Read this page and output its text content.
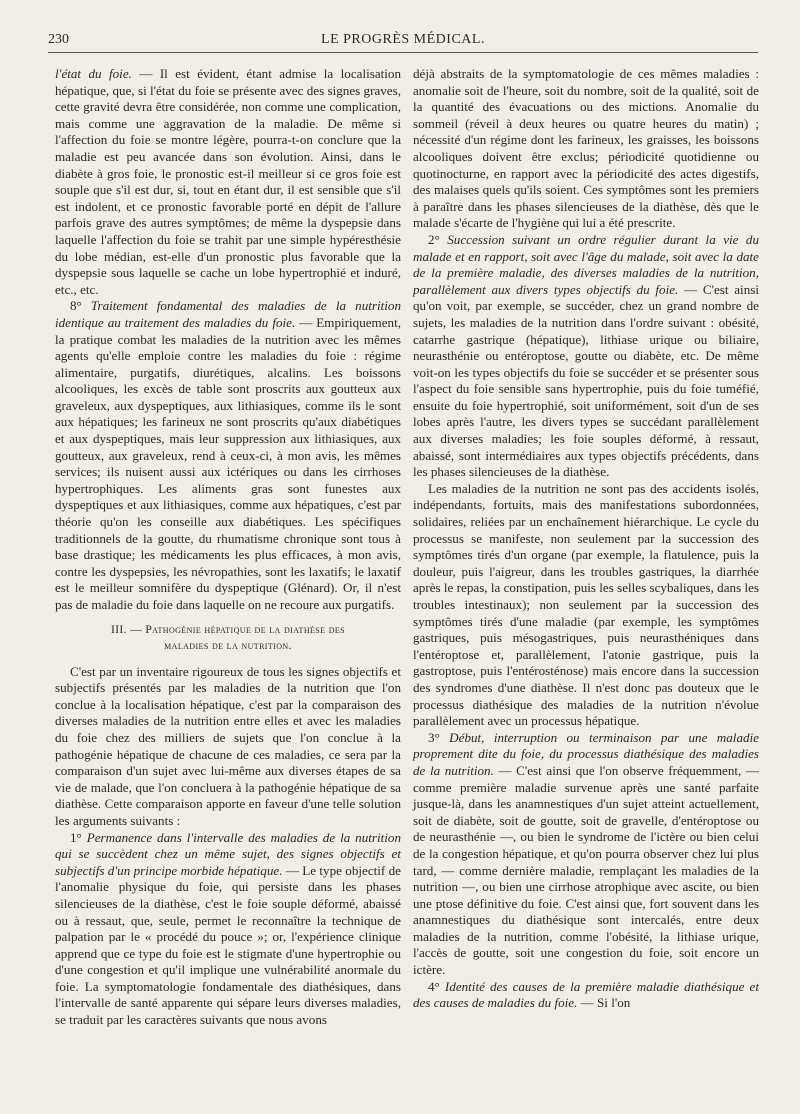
230	LE PROGRÈS MÉDICAL.

l'état du foie. — Il est évident, étant admise la localisation hépatique, que, si l'état du foie se présente avec des signes graves, cette gravité devra être considérée, non comme une complication, mais comme une aggravation de la maladie. De même si l'affection du foie se montre légère, pourra-t-on conclure que la maladie est peu avancée dans son évolution. Ainsi, dans le diabète à gros foie, le pronostic est-il meilleur si ce gros foie est souple que s'il est dur, si, tout en étant dur, il est sensible que s'il est indolent, et ce pronostic favorable porté en dépit de l'allure parfois grave des autres symptômes; de même la dyspepsie dans laquelle l'affection du foie se trahit par une simple hypéresthésie du lobe médian, est-elle d'un pronostic plus favorable que la dyspepsie sous laquelle se cache un lobe hypertrophié et induré, etc., etc.

8° Traitement fondamental des maladies de la nutrition identique au traitement des maladies du foie. — Empiriquement, la pratique combat les maladies de la nutrition avec les mêmes agents qu'elle emploie contre les maladies du foie : régime alimentaire, purgatifs, diurétiques, alcalins. Les boissons alcooliques, les excès de table sont proscrits aux goutteux aux graveleux, aux dyspeptiques, aux lithiasiques, comme ils le sont aux hépatiques; les farineux ne sont proscrits qu'aux diabétiques et aux dyspeptiques, mais leur suppression aux lithiasiques, aux goutteux, aux graveleux, rend à ceux-ci, à mon avis, les mêmes services; ils nuisent aussi aux ictériques ou dans les cirrhoses hypertrophiques. Les aliments gras sont funestes aux dyspeptiques et aux lithiasiques, comme aux hépatiques, c'est par théorie qu'on les conseille aux diabétiques. Les spécifiques traditionnels de la goutte, du rhumatisme chronique sont tous à base drastique; les médicaments les plus efficaces, à mon avis, contre les dyspepsies, les névropathies, sont les laxatifs; le laxatif est le meilleur somnifère du dyspeptique (Glénard). Or, il n'est pas de maladie du foie dans laquelle on ne recoure aux purgatifs.

III. — Pathogénie hépatique de la diathèse des
maladies de la nutrition.

C'est par un inventaire rigoureux de tous les signes objectifs et subjectifs présentés par les maladies de la nutrition que l'on conclue à la localisation hépatique, c'est par la comparaison des diverses maladies de la nutrition entre elles et avec les maladies du foie chez des milliers de sujets que l'on conclue à la pathogénie hépatique de chacune de ces maladies, ce sera par la comparaison d'un sujet avec lui-même aux diverses étapes de sa vie de malade, que l'on concluera à la pathogénie hépatique de sa diathèse. Cette comparaison apporte en faveur d'une telle solution les arguments suivants :

1° Permanence dans l'intervalle des maladies de la nutrition qui se succèdent chez un même sujet, des signes objectifs et subjectifs d'un principe morbide hépatique. — Le type objectif de l'anomalie physique du foie, qui persiste dans les phases silencieuses de la diathèse, c'est le foie souple déformé, abaissé ou à ressaut, que, seule, permet le reconnaître la technique de palpation par le « procédé du pouce »; or, l'expérience clinique apprend que ce type du foie est le stigmate d'une hypertrophie ou d'une congestion et qu'il implique une vulnérabilité anormale du foie. La symptomatologie fondamentale des diathésiques, dans l'intervalle de santé apparente qui sépare leurs diverses maladies, se traduit par les caractères suivants que nous avons

déjà abstraits de la symptomatologie de ces mêmes maladies : anomalie soit de l'heure, soit du nombre, soit de la qualité, soit de la quantité des évacuations ou des mictions. Anomalie du sommeil (réveil à deux heures ou quatre heures du matin) ; nécessité d'un régime dont les farineux, les graisses, les boissons alcooliques doivent être exclus; périodicité quotidienne ou quotinocturne, en rapport avec la périodicité des actes digestifs, des malaises quels qu'ils soient. Ces symptômes sont les premiers à paraître dans les phases silencieuses de la diathèse, dès que le malade s'écarte de l'hygiène qui lui a été prescrite.

2° Succession suivant un ordre régulier durant la vie du malade et en rapport, soit avec l'âge du malade, soit avec la date de la première maladie, des diverses maladies de la nutrition, parallèlement aux divers types objectifs du foie. — C'est ainsi qu'on voit, par exemple, se succéder, chez un grand nombre de sujets, les maladies de la nutrition dans l'ordre suivant : obésité, catarrhe gastrique (hépatique), lithiase urique ou biliaire, neurasthénie ou entéroptose, goutte ou diabète, etc. De même voit-on les types objectifs du foie se succéder et se présenter sous l'aspect du foie sensible sans hypertrophie, puis du foie tuméfié, ensuite du foie hypertrophié, soit uniformément, soit d'un de ses lobes après l'autre, les divers types se succédant parallèlement aux diverses maladies; les foie souples déformé, à ressaut, abaissé, sont intermédiaires aux types objectifs précédents, dans les phases silencieuses de la diathèse.

Les maladies de la nutrition ne sont pas des accidents isolés, indépendants, fortuits, mais des manifestations subordonnées, solidaires, reliées par un enchaînement hiérarchique. Le cycle du processus se manifeste, non seulement par la succession des symptômes tirés d'un organe (par exemple, la flatulence, puis la douleur, puis l'aigreur, dans les troubles gastriques, la diarrhée après le repas, la constipation, puis les selles scybaliques, dans les troubles intestinaux); non seulement par la succession des symptômes tirés d'une maladie (par exemple, les symptômes gastriques, puis mésogastriques, puis neurasthéniques dans l'entéroptose et, parallèlement, l'atonie gastrique, puis la gastroptose, puis l'entérosténose) mais encore dans la succession des syndromes d'une diathèse. Il n'est donc pas douteux que le processus diathésique des maladies de la nutrition n'évolue parallèlement avec un processus hépatique.

3° Début, interruption ou terminaison par une maladie proprement dite du foie, du processus diathésique des maladies de la nutrition. — C'est ainsi que l'on observe fréquemment, — comme première maladie survenue après une santé parfaite jusque-là, dans les anamnestiques d'un sujet atteint actuellement, soit de diabète, soit de goutte, soit de gravelle, d'entéroptose ou de neurasthénie —, ou bien le syndrome de l'ictère ou bien celui de la congestion hépatique, et qu'on pourra observer chez lui plus tard, — comme dernière maladie, remplaçant les maladies de la nutrition —, ou bien une cirrhose atrophique avec ascite, ou bien une ptose définitive du foie. C'est ainsi que, fort souvent dans les anamnestiques du diathésique sont intercalés, entre deux maladies de la nutrition, comme l'obésité, la lithiase urique, l'accès de goutte, soit une congestion du foie, soit encore un ictère.

4° Identité des causes de la première maladie diathésique et des causes de maladies du foie. — Si l'on
